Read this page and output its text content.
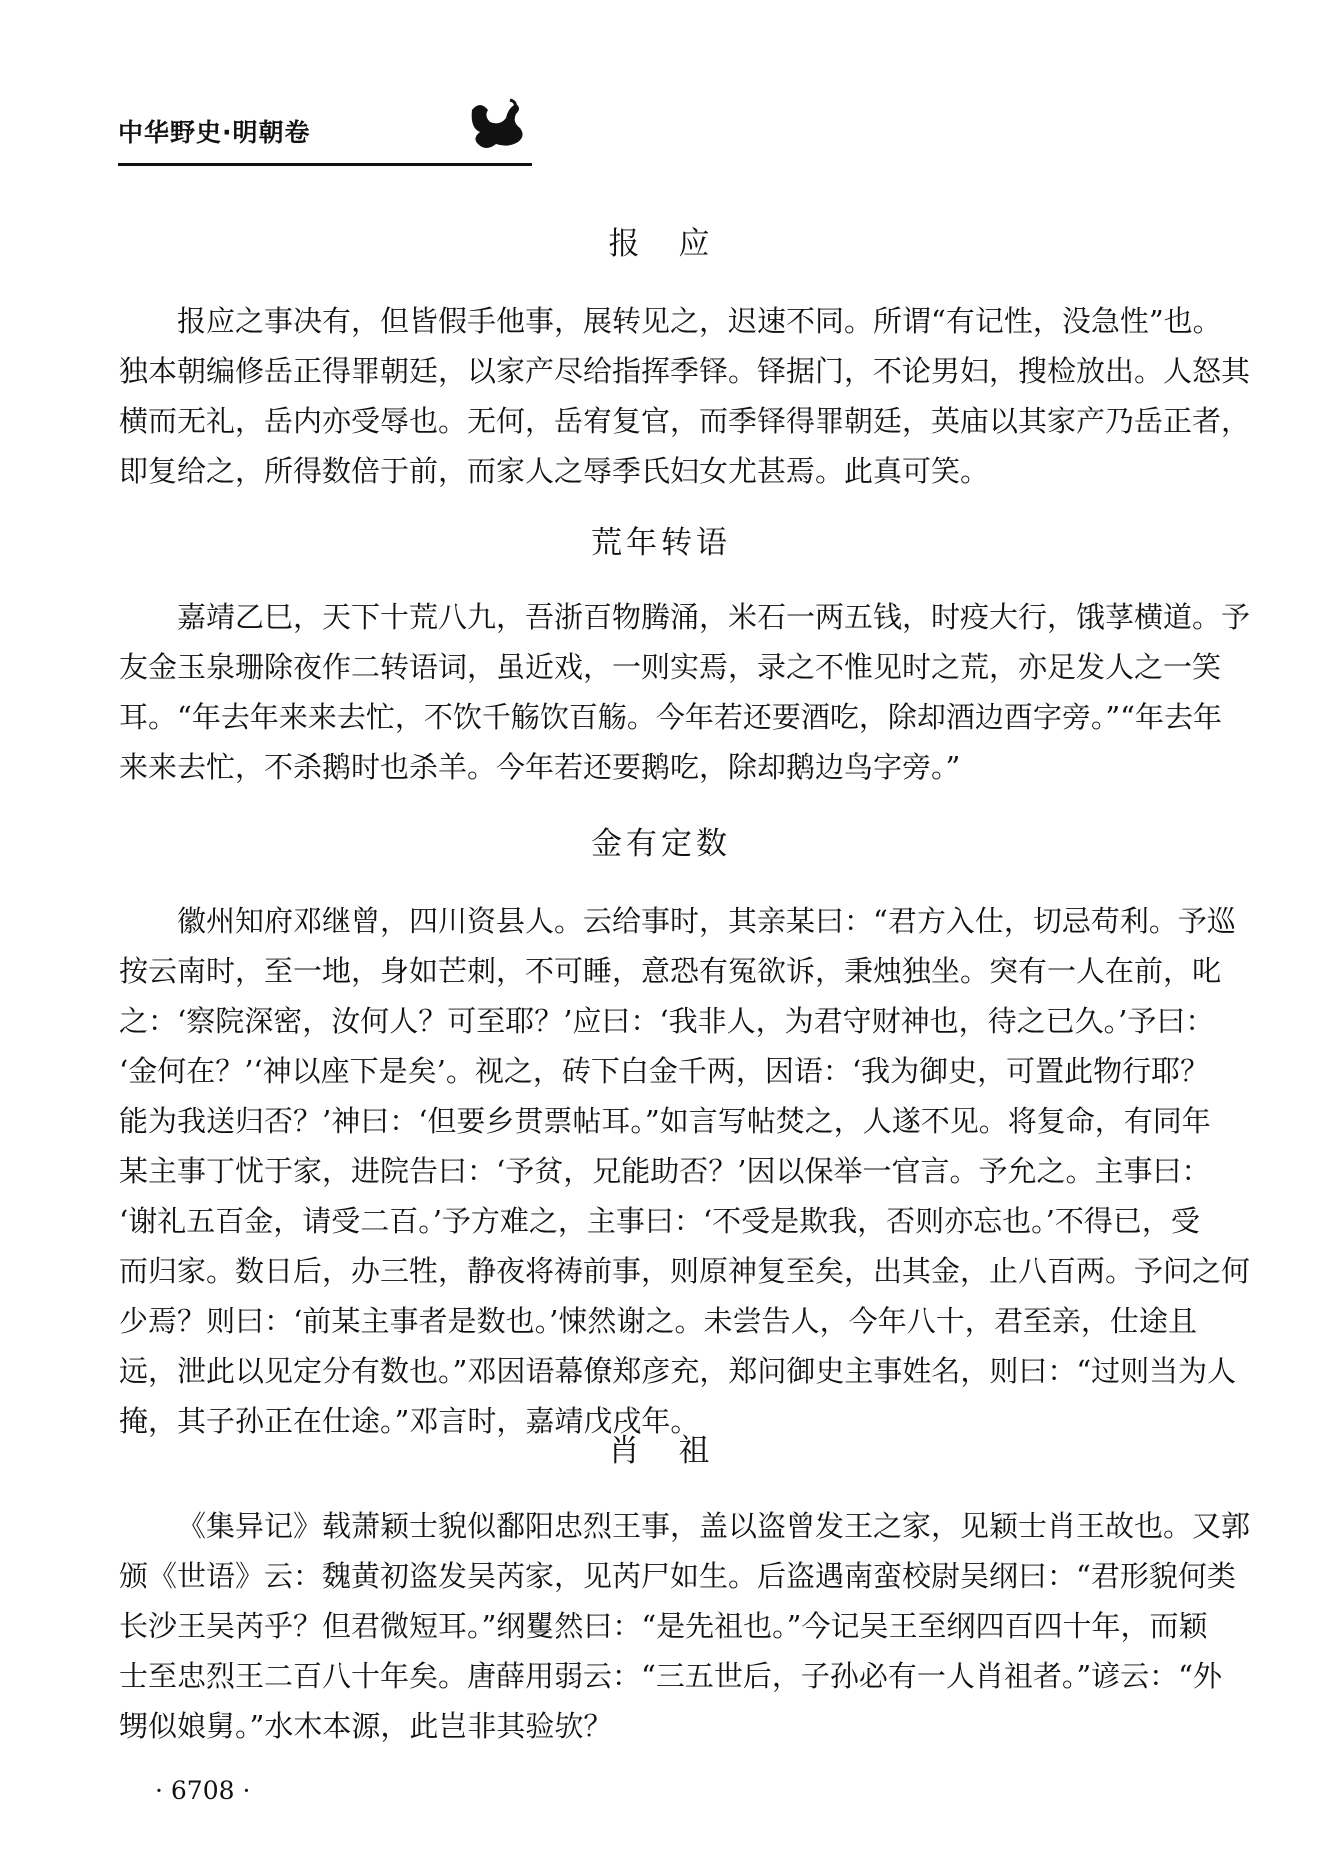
中华野史·明朝卷
报　应
报应之事决有，但皆假手他事，展转见之，迟速不同。所谓“有记性，没急性”也。
独本朝编修岳正得罪朝廷，以家产尽给指挥季铎。铎据门，不论男妇，搜检放出。人怒其
横而无礼，岳内亦受辱也。无何，岳宥复官，而季铎得罪朝廷，英庙以其家产乃岳正者，
即复给之，所得数倍于前，而家人之辱季氏妇女尤甚焉。此真可笑。
荒年转语
嘉靖乙巳，天下十荒八九，吾浙百物腾涌，米石一两五钱，时疫大行，饿莩横道。予
友金玉泉珊除夜作二转语词，虽近戏，一则实焉，录之不惟见时之荒，亦足发人之一笑
耳。“年去年来来去忙，不饮千觞饮百觞。今年若还要酒吃，除却酒边酉字旁。”“年去年
来来去忙，不杀鹅时也杀羊。今年若还要鹅吃，除却鹅边鸟字旁。”
金有定数
徽州知府邓继曾，四川资县人。云给事时，其亲某曰：“君方入仕，切忌苟利。予巡
按云南时，至一地，身如芒刺，不可睡，意恐有冤欲诉，秉烛独坐。突有一人在前，叱
之：‘察院深密，汝何人？可至耶？’应曰：‘我非人，为君守财神也，待之已久。’予曰：
‘金何在？’‘神以座下是矣’。视之，砖下白金千两，因语：‘我为御史，可置此物行耶？
能为我送归否？’神曰：‘但要乡贯票帖耳。”如言写帖焚之，人遂不见。将复命，有同年
某主事丁忧于家，进院告曰：‘予贫，兄能助否？’因以保举一官言。予允之。主事曰：
‘谢礼五百金，请受二百。’予方难之，主事曰：‘不受是欺我，否则亦忘也。’不得已，受
而归家。数日后，办三牲，静夜将祷前事，则原神复至矣，出其金，止八百两。予问之何
少焉？则曰：‘前某主事者是数也。’悚然谢之。未尝告人，今年八十，君至亲，仕途且
远，泄此以见定分有数也。”邓因语幕僚郑彦充，郑问御史主事姓名，则曰：“过则当为人
掩，其子孙正在仕途。”邓言时，嘉靖戊戌年。
肖　祖
《集异记》载萧颖士貌似鄱阳忠烈王事，盖以盗曾发王之家，见颖士肖王故也。又郭
颁《世语》云：魏黄初盗发吴芮家，见芮尸如生。后盗遇南蛮校尉吴纲曰：“君形貌何类
长沙王吴芮乎？但君微短耳。”纲矍然曰：“是先祖也。”今记吴王至纲四百四十年，而颖
士至忠烈王二百八十年矣。唐薛用弱云：“三五世后，子孙必有一人肖祖者。”谚云：“外
甥似娘舅。”水木本源，此岂非其验欤？
· 6708 ·
